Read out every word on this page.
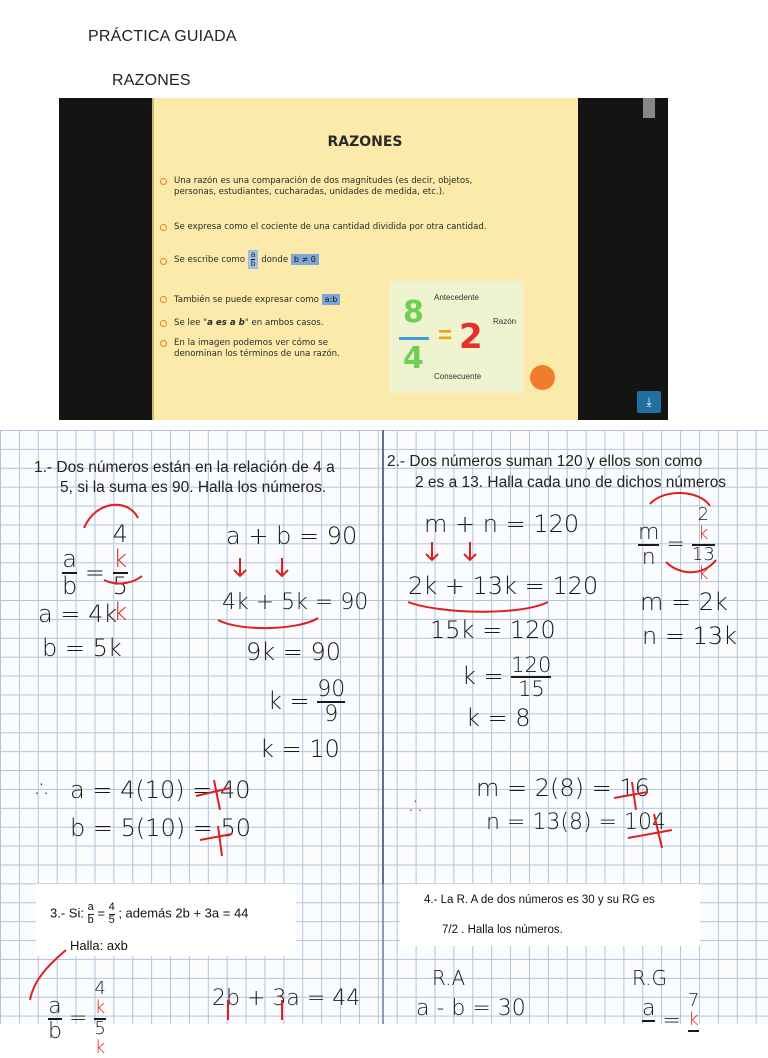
PRÁCTICA GUIADA
RAZONES
RAZONES
Una razón es una comparación de dos magnitudes (es decir, objetos, personas, estudiantes, cucharadas, unidades de medida, etc.).
Se expresa como el cociente de una cantidad dividida por otra cantidad.
Se escribe como $\frac{a}{b}$ donde b ≠ 0
También se puede expresar como a:b
Se lee "a es a b" en ambos casos.
En la imagen podemos ver cómo se denominan los términos de una razón.
8
4
= 2
Antecedente
Consecuente
Razón
⤓
1.- Dos números están en la relación de 4 a
5, si la suma es 90. Halla los números.
2.- Dos números suman 120 y ellos son como
2 es a 13. Halla cada uno de dichos números
$\frac{a}{b} = 4$
k
5
k
a = 4k
b = 5k
a + b = 90
4k + 5k = 90
9k = 90
$k = \frac{90}{9}$
k = 10
∴ a = 4(10) = 40
b = 5(10) = 50
m + n = 120
2k + 13k = 120
15k = 120
$k = \frac{120}{15}$
k = 8
$\frac{m}{n} = 2$
k
13
k
m = 2k
n = 13k
∴
m = 2(8) = 16
n = 13(8) = 104
3.- Si: $\frac{a}{b} = \frac{4}{5}$ ; además 2b + 3a = 44
Halla: axb
4.- La R. A de dos números es 30 y su RG es
7/2 . Halla los números.
$\frac{a}{b} = 4$
k
5
k	2b + 3a = 44
R.A	R.G
a - b = 30	a
=
7
k
